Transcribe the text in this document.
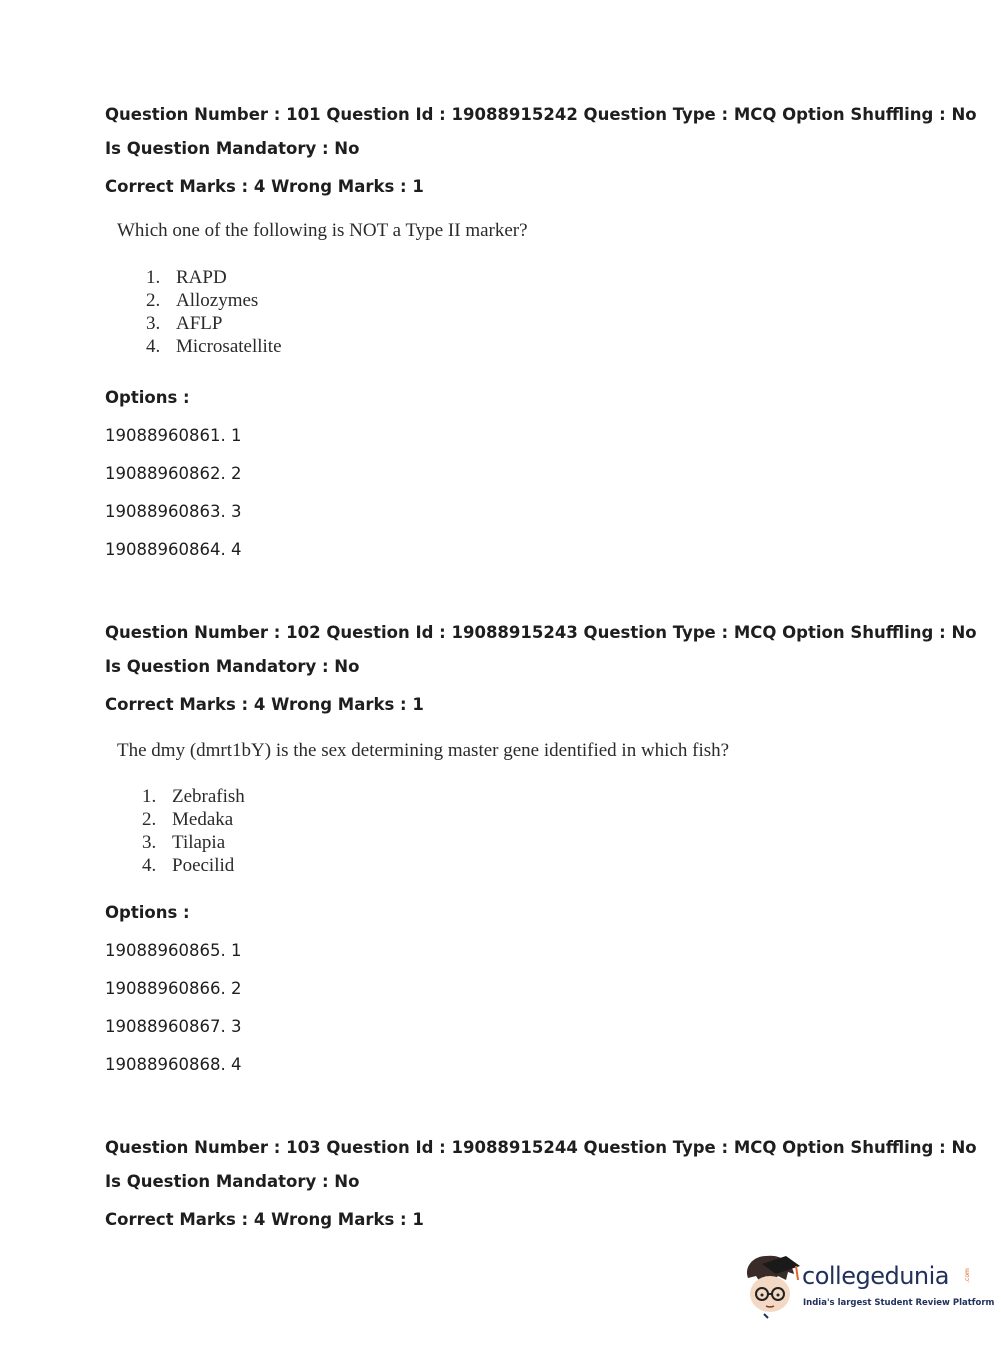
Question Number : 101 Question Id : 19088915242 Question Type : MCQ Option Shuffling : No
Is Question Mandatory : No
Correct Marks : 4 Wrong Marks : 1
Which one of the following is NOT a Type II marker?
1. RAPD
2. Allozymes
3. AFLP
4. Microsatellite
Options :
19088960861. 1
19088960862. 2
19088960863. 3
19088960864. 4
Question Number : 102 Question Id : 19088915243 Question Type : MCQ Option Shuffling : No
Is Question Mandatory : No
Correct Marks : 4 Wrong Marks : 1
The dmy (dmrt1bY) is the sex determining master gene identified in which fish?
1. Zebrafish
2. Medaka
3. Tilapia
4. Poecilid
Options :
19088960865. 1
19088960866. 2
19088960867. 3
19088960868. 4
Question Number : 103 Question Id : 19088915244 Question Type : MCQ Option Shuffling : No
Is Question Mandatory : No
Correct Marks : 4 Wrong Marks : 1
collegedunia .com
India's largest Student Review Platform
